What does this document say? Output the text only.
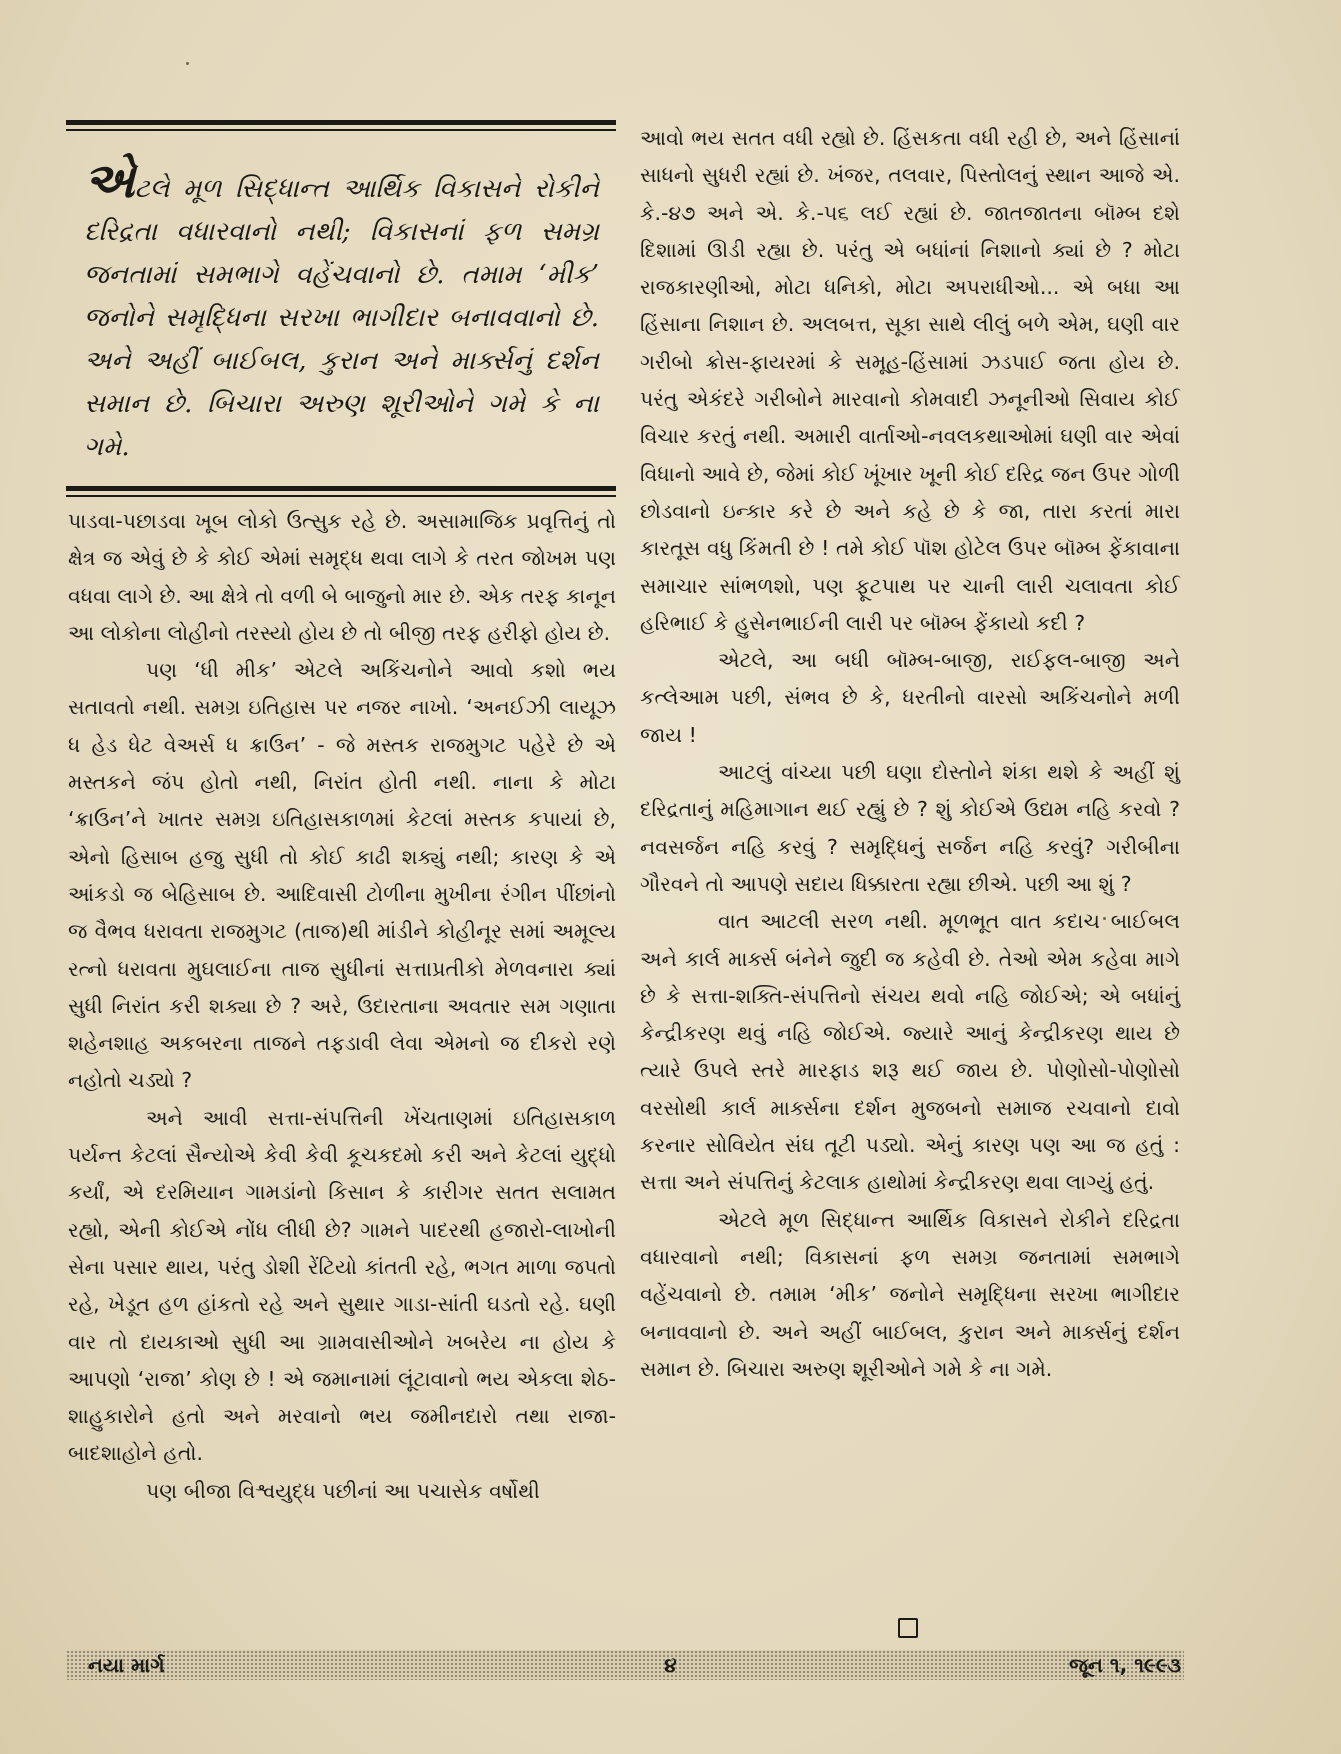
એટલે મૂળ સિદ્ધાન્ત આર્થિક વિકાસને રોકીને દરિદ્રતા વધારવાનો નથી; વિકાસનાં ફળ સમગ્ર જનતામાં સમભાગે વહેંચવાનો છે. તમામ ‘મીક’ જનોને સમૃદ્ધિના સરખા ભાગીદાર બનાવવાનો છે. અને અહીં બાઈબલ, કુરાન અને માર્ક્સનું દર્શન સમાન છે. બિચારા અરુણ શૂરીઓને ગમે કે ના ગમે.

પાડવા-પછાડવા ખૂબ લોકો ઉત્સુક રહે છે. અસામાજિક પ્રવૃત્તિનું તો ક્ષેત્ર જ એવું છે કે કોઈ એમાં સમૃદ્ધ થવા લાગે કે તરત જોખમ પણ વધવા લાગે છે. આ ક્ષેત્રે તો વળી બે બાજુનો માર છે. એક તરફ કાનૂન આ લોકોના લોહીનો તરસ્યો હોય છે તો બીજી તરફ હરીફો હોય છે.

પણ ‘ધી મીક’ એટલે અકિંચનોને આવો કશો ભય સતાવતો નથી. સમગ્ર ઇતિહાસ પર નજર નાખો. ‘અનઈઝી લાયૂઝ ધ હેડ ધેટ વેઅર્સ ધ ક્રાઉન’ - જે મસ્તક રાજમુગટ પહેરે છે એ મસ્તકને જંપ હોતો નથી, નિરાંત હોતી નથી. નાના કે મોટા ‘ક્રાઉન’ને ખાતર સમગ્ર ઇતિહાસકાળમાં કેટલાં મસ્તક કપાયાં છે, એનો હિસાબ હજુ સુધી તો કોઈ કાઢી શક્યું નથી; કારણ કે એ આંકડો જ બેહિસાબ છે. આદિવાસી ટોળીના મુખીના રંગીન પીંછાંનો જ વૈભવ ધરાવતા રાજમુગટ (તાજ)થી માંડીને કોહીનૂર સમાં અમૂલ્ય રત્નો ધરાવતા મુઘલાઈના તાજ સુધીનાં સત્તાપ્રતીકો મેળવનારા ક્યાં સુધી નિરાંત કરી શક્યા છે ? અરે, ઉદારતાના અવતાર સમ ગણાતા શહેનશાહ અકબરના તાજને તફડાવી લેવા એમનો જ દીકરો રણે નહોતો ચડ્યો ?

અને આવી સત્તા-સંપત્તિની ખેંચતાણમાં ઇતિહાસકાળ પર્યન્ત કેટલાં સૈન્યોએ કેવી કેવી કૂચકદમો કરી અને કેટલાં યુદ્ધો કર્યાં, એ દરમિયાન ગામડાંનો કિસાન કે કારીગર સતત સલામત રહ્યો, એની કોઈએ નોંધ લીધી છે? ગામને પાદરથી હજારો-લાખોની સેના પસાર થાય, પરંતુ ડોશી રેંટિયો કાંતતી રહે, ભગત માળા જપતો રહે, ખેડૂત હળ હાંકતો રહે અને સુથાર ગાડા-સાંતી ઘડતો રહે. ઘણી વાર તો દાયકાઓ સુધી આ ગ્રામવાસીઓને ખબરેય ના હોય કે આપણો ‘રાજા’ કોણ છે ! એ જમાનામાં લૂંટાવાનો ભય એકલા શેઠ-શાહુકારોને હતો અને મરવાનો ભય જમીનદારો તથા રાજા-બાદશાહોને હતો.

પણ બીજા વિશ્વયુદ્ધ પછીનાં આ પચાસેક વર્ષોથી

આવો ભય સતત વધી રહ્યો છે. હિંસકતા વધી રહી છે, અને હિંસાનાં સાધનો સુધરી રહ્યાં છે. ખંજર, તલવાર, પિસ્તોલનું સ્થાન આજે એ. કે.-૪૭ અને એ. કે.-૫૬ લઈ રહ્યાં છે. જાતજાતના બૉમ્બ દશે દિશામાં ઊડી રહ્યા છે. પરંતુ એ બધાંનાં નિશાનો ક્યાં છે ? મોટા રાજકારણીઓ, મોટા ધનિકો, મોટા અપરાધીઓ... એ બધા આ હિંસાના નિશાન છે. અલબત્ત, સૂકા સાથે લીલું બળે એમ, ઘણી વાર ગરીબો ક્રોસ-ફાયરમાં કે સમૂહ-હિંસામાં ઝડપાઈ જતા હોય છે. પરંતુ એકંદરે ગરીબોને મારવાનો કોમવાદી ઝનૂનીઓ સિવાય કોઈ વિચાર કરતું નથી. અમારી વાર્તાઓ-નવલકથાઓમાં ઘણી વાર એવાં વિધાનો આવે છે, જેમાં કોઈ ખૂંખાર ખૂની કોઈ દરિદ્ર જન ઉપર ગોળી છોડવાનો ઇન્કાર કરે છે અને કહે છે કે જા, તારા કરતાં મારા કારતૂસ વધુ કિંમતી છે ! તમે કોઈ પૉશ હોટેલ ઉપર બૉમ્બ ફેંકાવાના સમાચાર સાંભળશો, પણ ફૂટપાથ પર ચાની લારી ચલાવતા કોઈ હરિભાઈ કે હુસેનભાઈની લારી પર બૉમ્બ ફેંકાયો કદી ?

એટલે, આ બધી બૉમ્બ-બાજી, રાઈફલ-બાજી અને કત્લેઆમ પછી, સંભવ છે કે, ધરતીનો વારસો અકિંચનોને મળી જાય !

આટલું વાંચ્યા પછી ઘણા દોસ્તોને શંકા થશે કે અહીં શું દરિદ્રતાનું મહિમાગાન થઈ રહ્યું છે ? શું કોઈએ ઉદ્યમ નહિ કરવો ? નવસર્જન નહિ કરવું ? સમૃદ્ધિનું સર્જન નહિ કરવું? ગરીબીના ગૌરવને તો આપણે સદાય ધિક્કારતા રહ્યા છીએ. પછી આ શું ?

વાત આટલી સરળ નથી. મૂળભૂત વાત કદાચ બાઈબલ અને કાર્લ માર્ક્સ બંનેને જુદી જ કહેવી છે. તેઓ એમ કહેવા માગે છે કે સત્તા-શક્તિ-સંપત્તિનો સંચય થવો નહિ જોઈએ; એ બધાંનું કેન્દ્રીકરણ થવું નહિ જોઈએ. જ્યારે આનું કેન્દ્રીકરણ થાય છે ત્યારે ઉપલે સ્તરે મારફાડ શરૂ થઈ જાય છે. પોણોસો-પોણોસો વરસોથી કાર્લ માર્ક્સના દર્શન મુજબનો સમાજ રચવાનો દાવો કરનાર સોવિયેત સંઘ તૂટી પડ્યો. એનું કારણ પણ આ જ હતું : સત્તા અને સંપત્તિનું કેટલાક હાથોમાં કેન્દ્રીકરણ થવા લાગ્યું હતું.

એટલે મૂળ સિદ્ધાન્ત આર્થિક વિકાસને રોકીને દરિદ્રતા વધારવાનો નથી; વિકાસનાં ફળ સમગ્ર જનતામાં સમભાગે વહેંચવાનો છે. તમામ ‘મીક’ જનોને સમૃદ્ધિના સરખા ભાગીદાર બનાવવાનો છે. અને અહીં બાઈબલ, કુરાન અને માર્ક્સનું દર્શન સમાન છે. બિચારા અરુણ શૂરીઓને ગમે કે ના ગમે.

નયા માર્ગ	૪	જૂન ૧, ૧૯૯૩
